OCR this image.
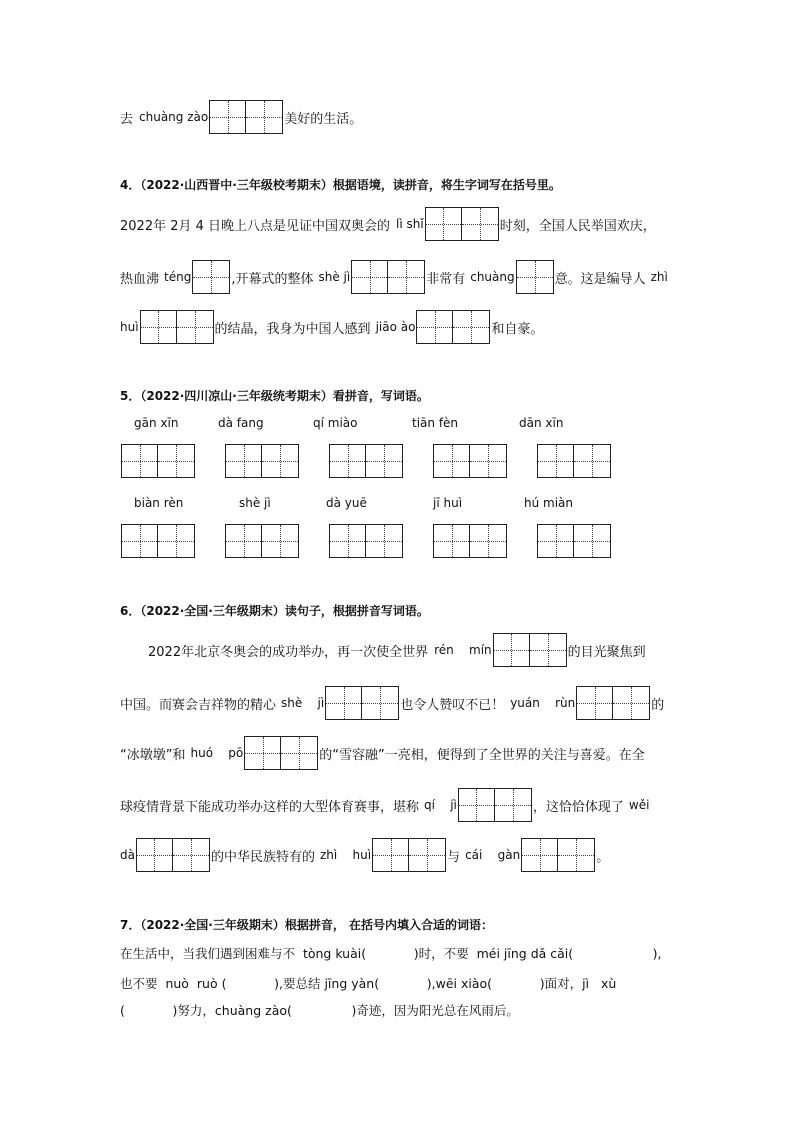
去 chuàng zào	美好的生活。
4．（2022·山西晋中·三年级校考期末）根据语境，读拼音，将生字词写在括号里。
2022年 2月 4 日晚上八点是见证中国双奥会的 lì shǐ	时刻，全国人民举国欢庆，
热血沸 téng	,开幕式的整体 shè jì	非常有 chuàng	意。这是编导人 zhì
huì	的结晶，我身为中国人感到 jiāo ào	和自豪。
5．（2022·四川凉山·三年级统考期末）看拼音，写词语。
gān xīn	dà fang	qí miào	tiān fèn	dān xīn
biàn rèn	shè jì	dà yuē	jī huì	hú miàn
6．（2022·全国·三年级期末）读句子，根据拼音写词语。
2022年北京冬奥会的成功举办，再一次使全世界 rén    mín	的目光聚焦到
中国。而赛会吉祥物的精心 shè    jì	也令人赞叹不已！ yuán    rùn	的
“冰墩墩”和 huó    pō	的“雪容融”一亮相，便得到了全世界的关注与喜爱。在全
球疫情背景下能成功举办这样的大型体育赛事，堪称 qí    jì	，这恰恰体现了 wěi
dà	的中华民族特有的 zhì    huì	与 cái    gàn	。
7．（2022·全国·三年级期末）根据拼音， 在括号内填入合适的词语：
在生活中，当我们遇到困难与不  tòng kuài(            )时，不要  méi jīng dǎ cǎi(                    ),
也不要  nuò  ruò (            ),要总结 jīng yàn(            ),wēi xiào(            )面对，jì   xù
(            )努力，chuàng zào(               )奇迹，因为阳光总在风雨后。
